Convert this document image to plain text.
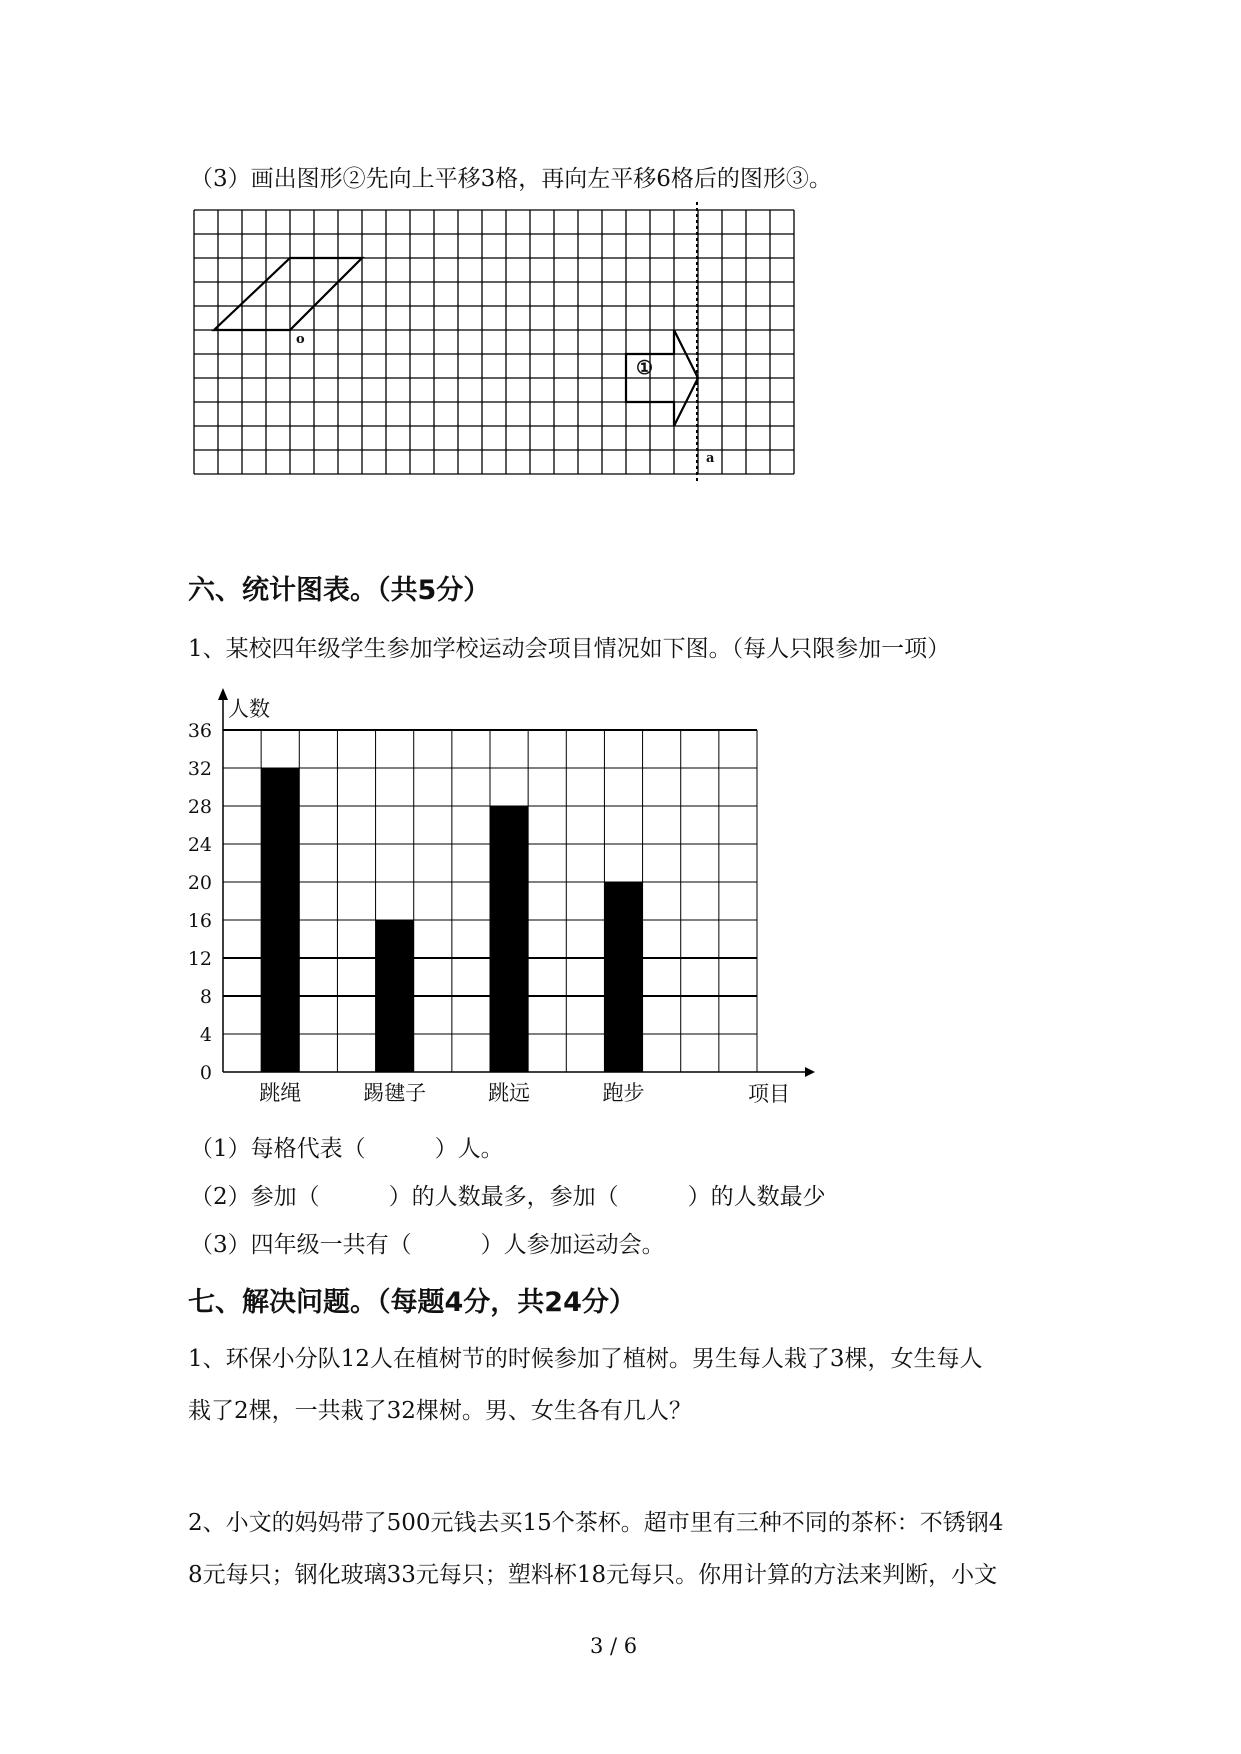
（3）画出图形②先向上平移3格，再向左平移6格后的图形③。
o
①
a
六、统计图表。（共5分）
1、某校四年级学生参加学校运动会项目情况如下图。（每人只限参加一项）
0
4
8
12
16
20
24
28
32
36
跳绳	踢毽子	跳远	跑步
人数
项目
（1）每格代表（　　　）人。
（2）参加（　　　）的人数最多，参加（　　　）的人数最少
（3）四年级一共有（　　　）人参加运动会。
七、解决问题。（每题4分，共24分）
1、环保小分队12人在植树节的时候参加了植树。男生每人栽了3棵，女生每人
栽了2棵，一共栽了32棵树。男、女生各有几人？
2、小文的妈妈带了500元钱去买15个茶杯。超市里有三种不同的茶杯：不锈钢4
8元每只；钢化玻璃33元每只；塑料杯18元每只。你用计算的方法来判断，小文
3 / 6
